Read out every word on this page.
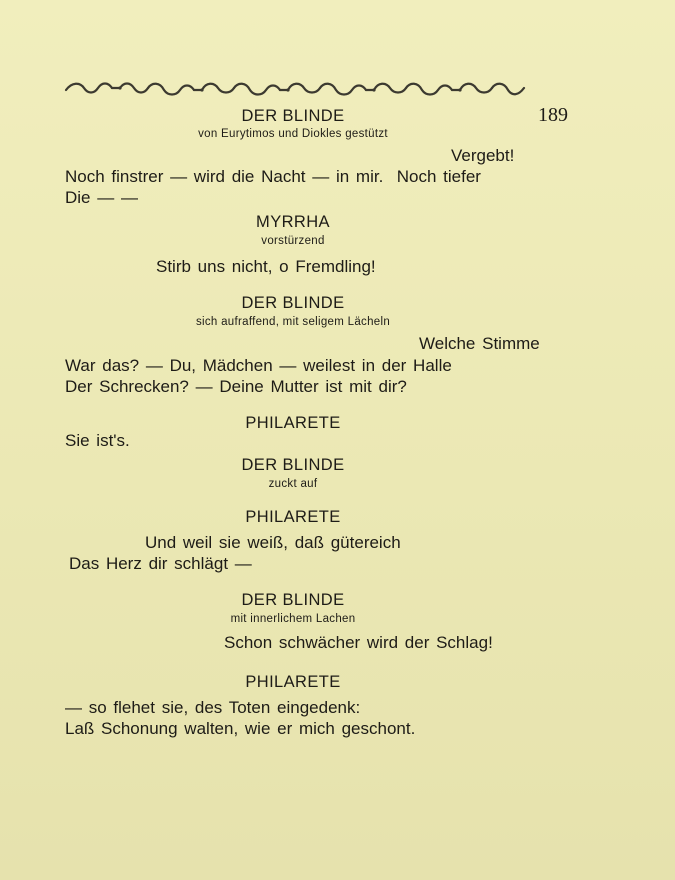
189
DER BLINDE
von Eurytimos und Diokles gestützt
Vergebt!
Noch finstrer — wird die Nacht — in mir.  Noch tiefer
Die — —
MYRRHA
vorstürzend
Stirb uns nicht, o Fremdling!
DER BLINDE
sich aufraffend, mit seligem Lächeln
Welche Stimme
War das? — Du, Mädchen — weilest in der Halle
Der Schrecken? — Deine Mutter ist mit dir?
PHILARETE
Sie ist's.
DER BLINDE
zuckt auf
PHILARETE
Und weil sie weiß, daß gütereich
Das Herz dir schlägt —
DER BLINDE
mit innerlichem Lachen
Schon schwächer wird der Schlag!
PHILARETE
— so flehet sie, des Toten eingedenk:
Laß Schonung walten, wie er mich geschont.
